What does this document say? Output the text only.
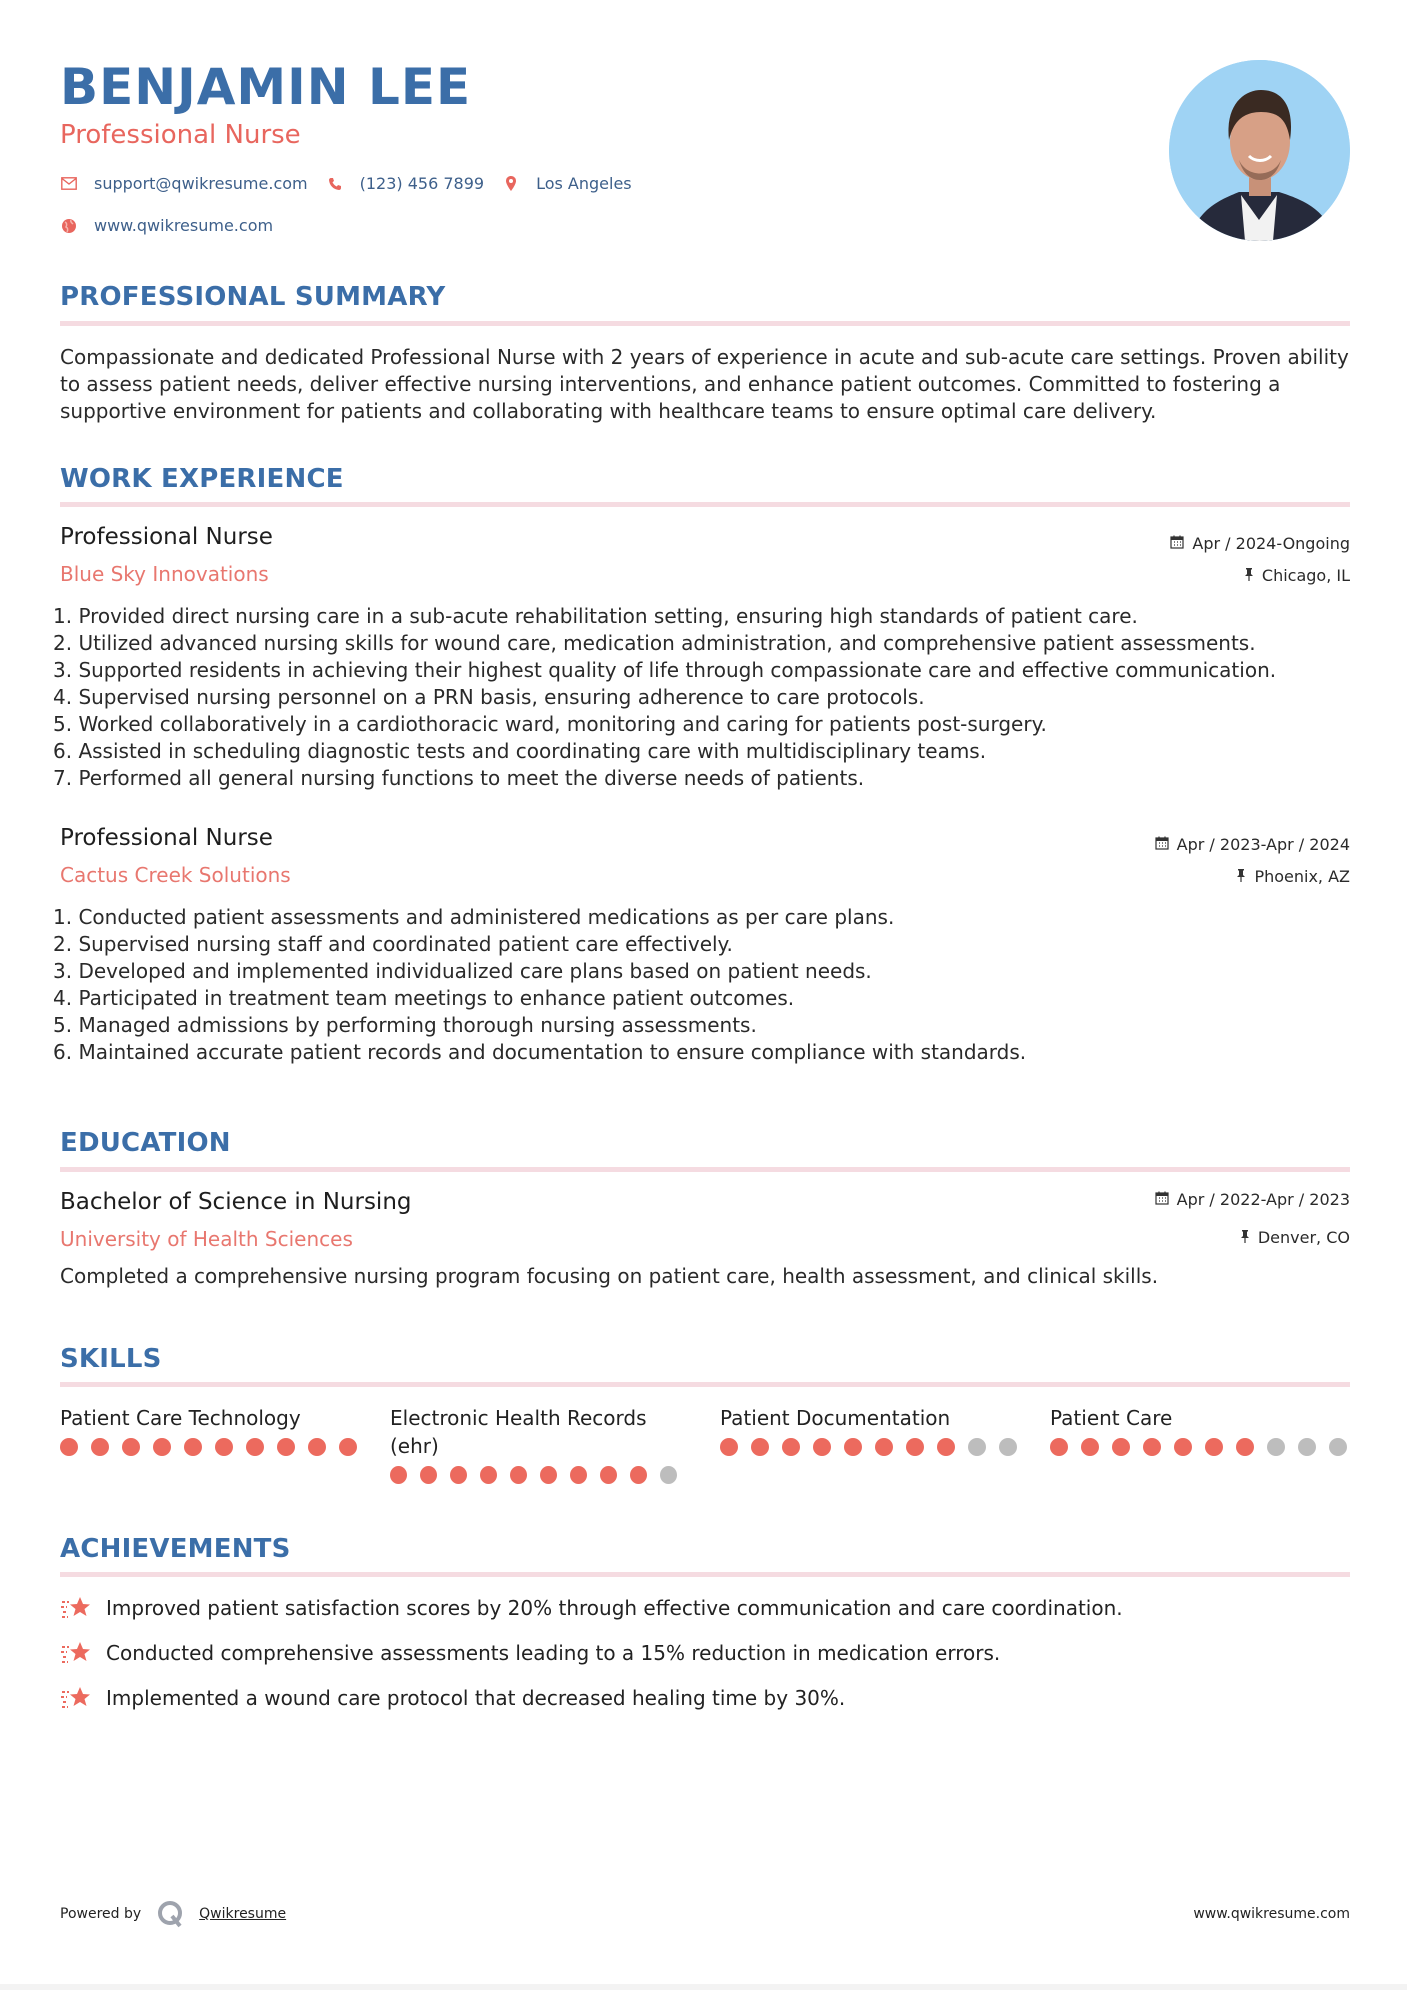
BENJAMIN LEE
Professional Nurse
support@qwikresume.com	(123) 456 7899	Los Angeles
www.qwikresume.com
PROFESSIONAL SUMMARY

Compassionate and dedicated Professional Nurse with 2 years of experience in acute and sub-acute care settings. Proven ability to assess patient needs, deliver effective nursing interventions, and enhance patient outcomes. Committed to fostering a supportive environment for patients and collaborating with healthcare teams to ensure optimal care delivery.

WORK EXPERIENCE
Professional Nurse
Blue Sky Innovations
Apr / 2024-Ongoing
Chicago, IL
1. Provided direct nursing care in a sub-acute rehabilitation setting, ensuring high standards of patient care.
2. Utilized advanced nursing skills for wound care, medication administration, and comprehensive patient assessments.
3. Supported residents in achieving their highest quality of life through compassionate care and effective communication.
4. Supervised nursing personnel on a PRN basis, ensuring adherence to care protocols.
5. Worked collaboratively in a cardiothoracic ward, monitoring and caring for patients post-surgery.
6. Assisted in scheduling diagnostic tests and coordinating care with multidisciplinary teams.
7. Performed all general nursing functions to meet the diverse needs of patients.
Professional Nurse
Cactus Creek Solutions
Apr / 2023-Apr / 2024
Phoenix, AZ
1. Conducted patient assessments and administered medications as per care plans.
2. Supervised nursing staff and coordinated patient care effectively.
3. Developed and implemented individualized care plans based on patient needs.
4. Participated in treatment team meetings to enhance patient outcomes.
5. Managed admissions by performing thorough nursing assessments.
6. Maintained accurate patient records and documentation to ensure compliance with standards.
EDUCATION
Bachelor of Science in Nursing
University of Health Sciences
Apr / 2022-Apr / 2023
Denver, CO

Completed a comprehensive nursing program focusing on patient care, health assessment, and clinical skills.

SKILLS
Patient Care Technology	Electronic Health Records (ehr)
Patient Documentation	Patient Care
ACHIEVEMENTS
Improved patient satisfaction scores by 20% through effective communication and care coordination.
Conducted comprehensive assessments leading to a 15% reduction in medication errors.
Implemented a wound care protocol that decreased healing time by 30%.
Powered by	Qwikresume	www.qwikresume.com
